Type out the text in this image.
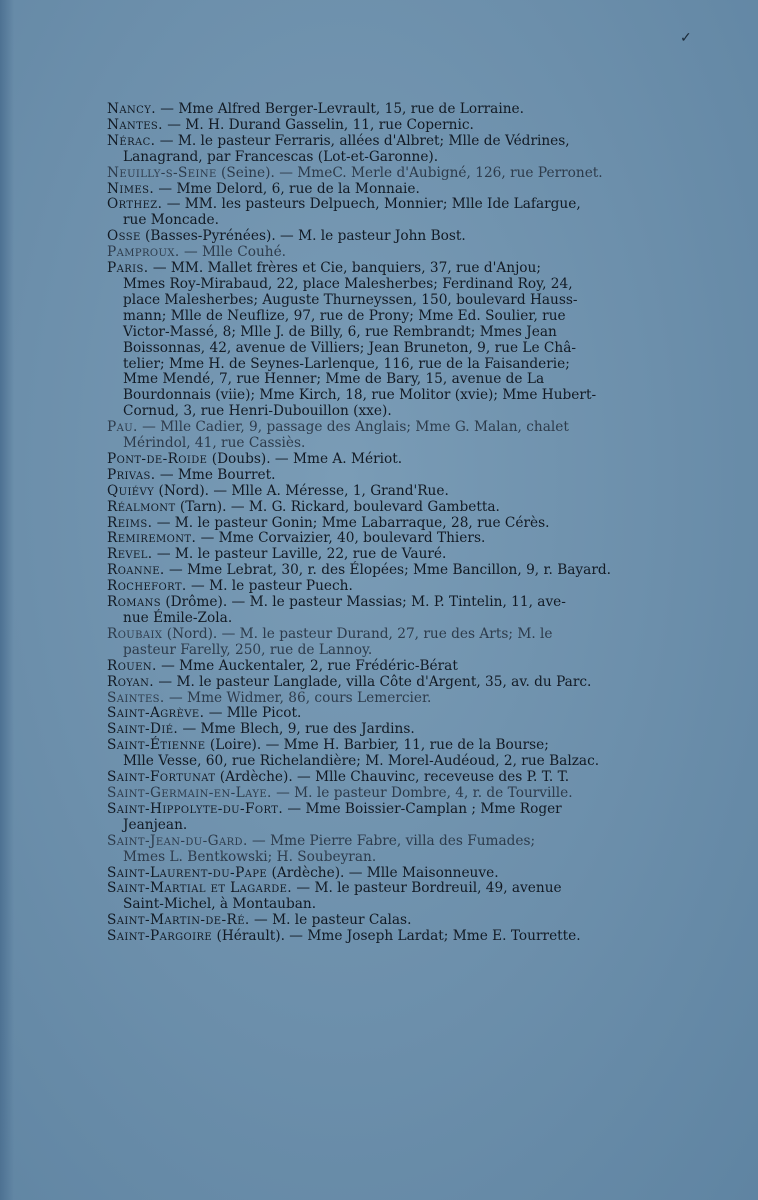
✓

Nancy. — Mme Alfred Berger-Levrault, 15, rue de Lorraine.

Nantes. — M. H. Durand Gasselin, 11, rue Copernic.

Nérac. — M. le pasteur Ferraris, allées d'Albret; Mlle de Védrines,

Lanagrand, par Francescas (Lot-et-Garonne).

Neuilly-s-Seine (Seine). — MmeC. Merle d'Aubigné, 126, rue Perronet.

Nimes. — Mme Delord, 6, rue de la Monnaie.

Orthez. — MM. les pasteurs Delpuech, Monnier; Mlle Ide Lafargue,

rue Moncade.

Osse (Basses-Pyrénées). — M. le pasteur John Bost.

Pamproux. — Mlle Couhé.

Paris. — MM. Mallet frères et Cie, banquiers, 37, rue d'Anjou;

Mmes Roy-Mirabaud, 22, place Malesherbes; Ferdinand Roy, 24,

place Malesherbes; Auguste Thurneyssen, 150, boulevard Hauss-

mann; Mlle de Neuflize, 97, rue de Prony; Mme Ed. Soulier, rue

Victor-Massé, 8; Mlle J. de Billy, 6, rue Rembrandt; Mmes Jean

Boissonnas, 42, avenue de Villiers; Jean Bruneton, 9, rue Le Châ-

telier; Mme H. de Seynes-Larlenque, 116, rue de la Faisanderie;

Mme Mendé, 7, rue Henner; Mme de Bary, 15, avenue de La

Bourdonnais (viie); Mme Kirch, 18, rue Molitor (xvie); Mme Hubert-

Cornud, 3, rue Henri-Dubouillon (xxe).

Pau. — Mlle Cadier, 9, passage des Anglais; Mme G. Malan, chalet

Mérindol, 41, rue Cassiès.

Pont-de-Roide (Doubs). — Mme A. Mériot.

Privas. — Mme Bourret.

Quiévy (Nord). — Mlle A. Méresse, 1, Grand'Rue.

Réalmont (Tarn). — M. G. Rickard, boulevard Gambetta.

Reims. — M. le pasteur Gonin; Mme Labarraque, 28, rue Cérès.

Remiremont. — Mme Corvaizier, 40, boulevard Thiers.

Revel. — M. le pasteur Laville, 22, rue de Vauré.

Roanne. — Mme Lebrat, 30, r. des Élopées; Mme Bancillon, 9, r. Bayard.

Rochefort. — M. le pasteur Puech.

Romans (Drôme). — M. le pasteur Massias; M. P. Tintelin, 11, ave-

nue Émile-Zola.

Roubaix (Nord). — M. le pasteur Durand, 27, rue des Arts; M. le

pasteur Farelly, 250, rue de Lannoy.

Rouen. — Mme Auckentaler, 2, rue Frédéric-Bérat

Royan. — M. le pasteur Langlade, villa Côte d'Argent, 35, av. du Parc.

Saintes. — Mme Widmer, 86, cours Lemercier.

Saint-Agrève. — Mlle Picot.

Saint-Dié. — Mme Blech, 9, rue des Jardins.

Saint-Étienne (Loire). — Mme H. Barbier, 11, rue de la Bourse;

Mlle Vesse, 60, rue Richelandière; M. Morel-Audéoud, 2, rue Balzac.

Saint-Fortunat (Ardèche). — Mlle Chauvinc, receveuse des P. T. T.

Saint-Germain-en-Laye. — M. le pasteur Dombre, 4, r. de Tourville.

Saint-Hippolyte-du-Fort. — Mme Boissier-Camplan ; Mme Roger

Jeanjean.

Saint-Jean-du-Gard. — Mme Pierre Fabre, villa des Fumades;

Mmes L. Bentkowski; H. Soubeyran.

Saint-Laurent-du-Pape (Ardèche). — Mlle Maisonneuve.

Saint-Martial et Lagarde. — M. le pasteur Bordreuil, 49, avenue

Saint-Michel, à Montauban.

Saint-Martin-de-Ré. — M. le pasteur Calas.

Saint-Pargoire (Hérault). — Mme Joseph Lardat; Mme E. Tourrette.
